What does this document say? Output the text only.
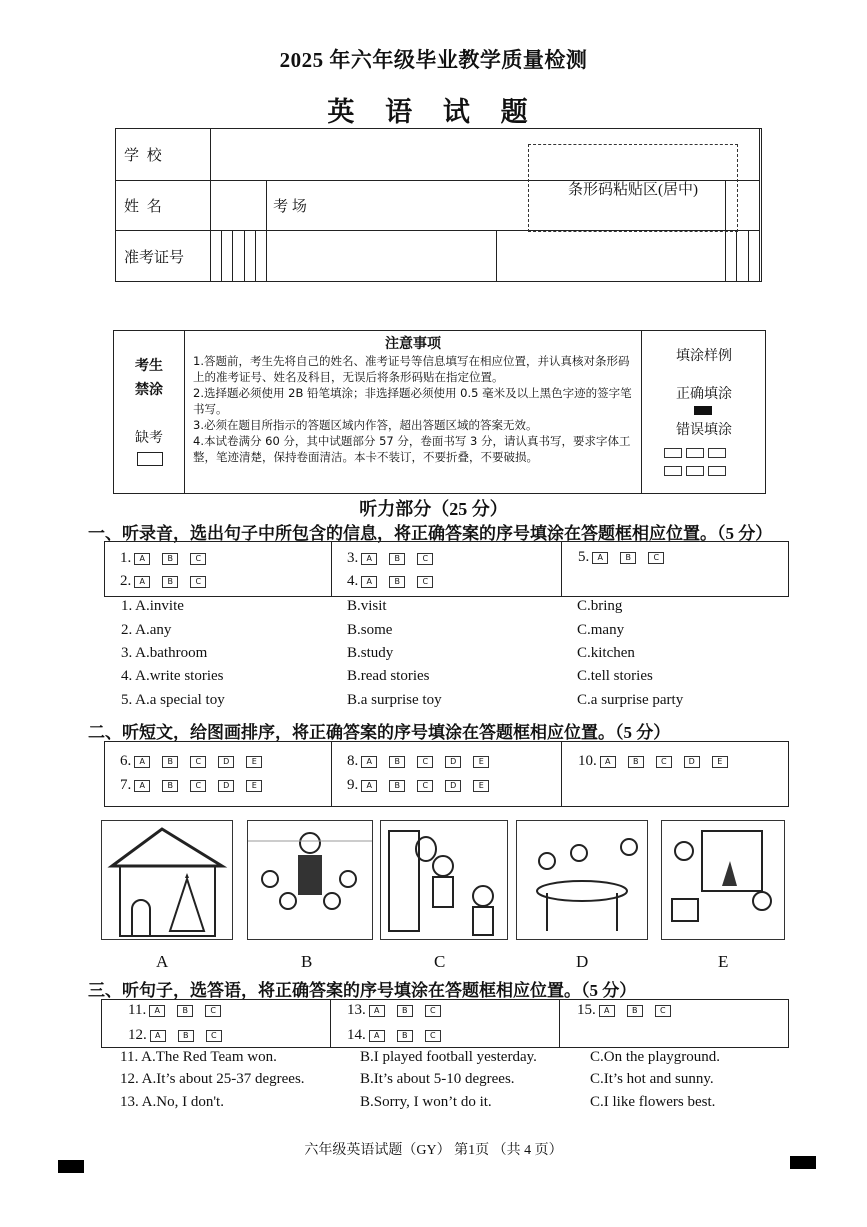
2025 年六年级毕业教学质量检测
英 语 试 题
学 校											
姓 名						考 场					
准考证号											
条形码粘贴区(居中)
考生
禁涂
缺考
注意事项
1.答题前，考生先将自己的姓名、准考证号等信息填写在相应位置，并认真核对条形码上的准考证号、姓名及科目，无误后将条形码贴在指定位置。
2.选择题必须使用 2B 铅笔填涂；非选择题必须使用 0.5 毫米及以上黑色字迹的签字笔书写。
3.必须在题目所指示的答题区域内作答，超出答题区域的答案无效。
4.本试卷满分 60 分，其中试题部分 57 分，卷面书写 3 分，请认真书写，要求字体工整，笔迹清楚，保持卷面清洁。本卡不装订，不要折叠，不要破损。
填涂样例
正确填涂
错误填涂

听力部分（25 分）
一、听录音，选出句子中所包含的信息，将正确答案的序号填涂在答题框相应位置。（5 分）
1. A.invite	B.visit	C.bring
2. A.any	B.some	C.many
3. A.bathroom	B.study	C.kitchen
4. A.write stories	B.read stories	C.tell stories
5. A.a special toy	B.a surprise toy	C.a surprise party
二、听短文，给图画排序，将正确答案的序号填涂在答题框相应位置。（5 分）
A	B	C	D	E
三、听句子，选答语，将正确答案的序号填涂在答题框相应位置。（5 分）
11. A.The Red Team won.	B.I played football yesterday.	C.On the playground.
12. A.It’s about 25-37 degrees.	B.It’s about 5-10 degrees.	C.It’s hot and sunny.
13. A.No, I don't.	B.Sorry, I won’t do it.	C.I like flowers best.
六年级英语试题（GY） 第1页 （共 4 页）
1.	A	B	C
2.	A	B	C
3.	A	B	C
4.	A	B	C
5.	A	B	C
6.	A	B	C	D	E
7.	A	B	C	D	E
8.	A	B	C	D	E
9.	A	B	C	D	E
10.	A	B	C	D	E
11.	A	B	C
12.	A	B	C
13.	A	B	C
14.	A	B	C
15.	A	B	C
